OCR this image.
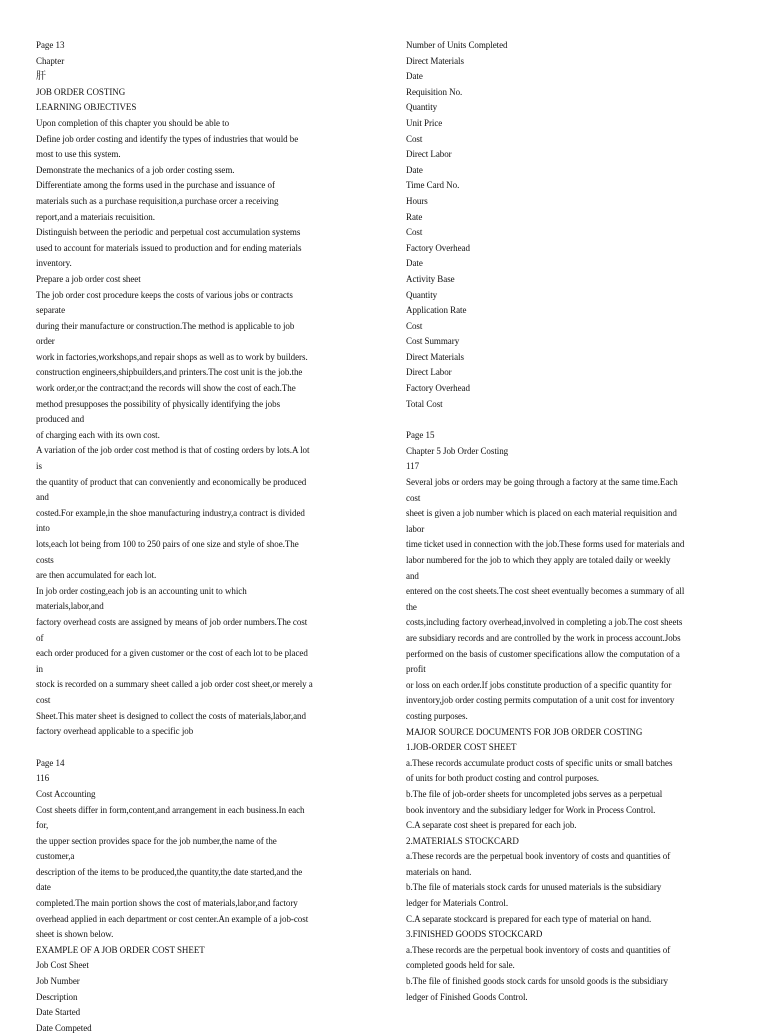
Page 13
Chapter
肝
JOB ORDER COSTING
LEARNING OBJECTIVES
Upon completion of this chapter you should be able to
Define job order costing and identify the types of industries that would be
most to use this system.
Demonstrate the mechanics of a job order costing ssem.
Differentiate among the forms used in the purchase and issuance of
materials such as a purchase requisition,a purchase orcer a receiving
report,and a materiais recuisition.
Distinguish between the periodic and perpetual cost accumulation systems
used to account for materials issued to production and for ending materials
inventory.
Prepare a job order cost sheet
The job order cost procedure keeps the costs of various jobs or contracts
separate
during their manufacture or construction.The method is applicable to job
order
work in factories,workshops,and repair shops as well as to work by builders.
construction engineers,shipbuilders,and printers.The cost unit is the job.the
work order,or the contract;and the records will show the cost of each.The
method presupposes the possibility of physically identifying the jobs
produced and
of charging each with its own cost.
A variation of the job order cost method is that of costing orders by lots.A lot
is
the quantity of product that can conveniently and economically be produced
and
costed.For example,in the shoe manufacturing industry,a contract is divided
into
lots,each lot being from 100 to 250 pairs of one size and style of shoe.The
costs
are then accumulated for each lot.
In job order costing,each job is an accounting unit to which
materials,labor,and
factory overhead costs are assigned by means of job order numbers.The cost
of
each order produced for a given customer or the cost of each lot to be placed
in
stock is recorded on a summary sheet called a job order cost sheet,or merely a
cost
Sheet.This mater sheet is designed to collect the costs of materials,labor,and
factory overhead applicable to a specific job
Page 14
116
Cost Accounting
Cost sheets differ in form,content,and arrangement in each business.In each
for,
the upper section provides space for the job number,the name of the
customer,a
description of the items to be produced,the quantity,the date started,and the
date
completed.The main portion shows the cost of materials,labor,and factory
overhead applied in each department or cost center.An example of a job-cost
sheet is shown below.
EXAMPLE OF A JOB ORDER COST SHEET
Job Cost Sheet
Job Number
Description
Date Started
Date Competed
Number of Units Completed
Direct Materials
Date
Requisition No.
Quantity
Unit Price
Cost
Direct Labor
Date
Time Card No.
Hours
Rate
Cost
Factory Overhead
Date
Activity Base
Quantity
Application Rate
Cost
Cost Summary
Direct Materials
Direct Labor
Factory Overhead
Total Cost
Page 15
Chapter 5 Job Order Costing
117
Several jobs or orders may be going through a factory at the same time.Each
cost
sheet is given a job number which is placed on each material requisition and
labor
time ticket used in connection with the job.These forms used for materials and
labor numbered for the job to which they apply are totaled daily or weekly
and
entered on the cost sheets.The cost sheet eventually becomes a summary of all
the
costs,including factory overhead,involved in completing a job.The cost sheets
are subsidiary records and are controlled by the work in process account.Jobs
performed on the basis of customer specifications allow the computation of a
profit
or loss on each order.If jobs constitute production of a specific quantity for
inventory,job order costing permits computation of a unit cost for inventory
costing purposes.
MAJOR SOURCE DOCUMENTS FOR JOB ORDER COSTING
1.JOB-ORDER COST SHEET
a.These records accumulate product costs of specific units or small batches
of units for both product costing and control purposes.
b.The file of job-order sheets for uncompleted jobs serves as a perpetual
book inventory and the subsidiary ledger for Work in Process Control.
C.A separate cost sheet is prepared for each job.
2.MATERIALS STOCKCARD
a.These records are the perpetual book inventory of costs and quantities of
materials on hand.
b.The file of materials stock cards for unused materials is the subsidiary
ledger for Materials Control.
C.A separate stockcard is prepared for each type of material on hand.
3.FINISHED GOODS STOCKCARD
a.These records are the perpetual book inventory of costs and quantities of
completed goods held for sale.
b.The file of finished goods stock cards for unsold goods is the subsidiary
ledger of Finished Goods Control.
